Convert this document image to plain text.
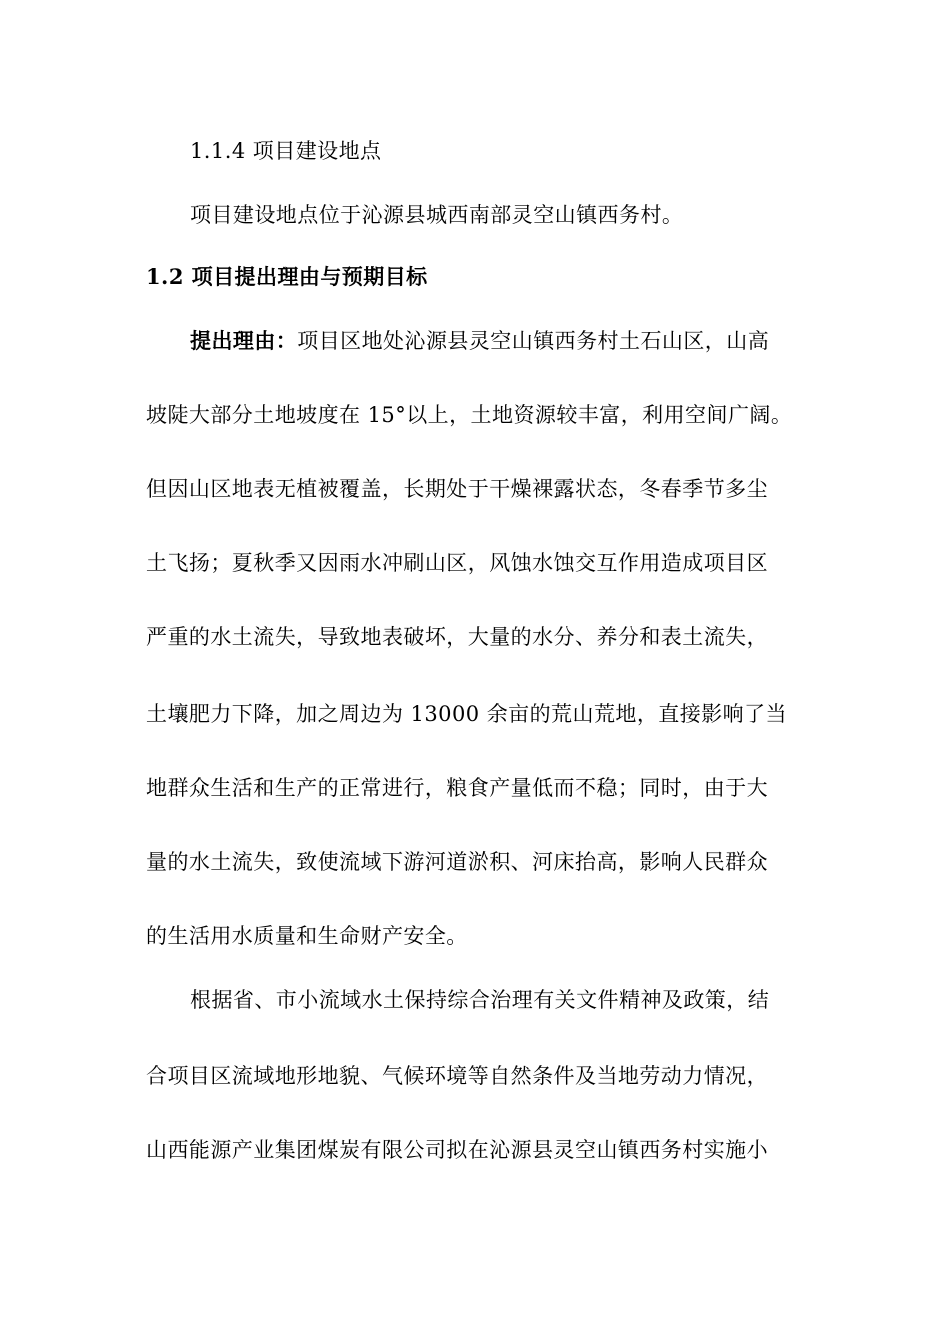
1.1.4 项目建设地点
项目建设地点位于沁源县城西南部灵空山镇西务村。
1.2 项目提出理由与预期目标
提出理由：项目区地处沁源县灵空山镇西务村土石山区，山高
坡陡大部分土地坡度在 15°以上，土地资源较丰富，利用空间广阔。
但因山区地表无植被覆盖，长期处于干燥裸露状态，冬春季节多尘
土飞扬；夏秋季又因雨水冲刷山区，风蚀水蚀交互作用造成项目区
严重的水土流失，导致地表破坏，大量的水分、养分和表土流失，
土壤肥力下降，加之周边为 13000 余亩的荒山荒地，直接影响了当
地群众生活和生产的正常进行，粮食产量低而不稳；同时，由于大
量的水土流失，致使流域下游河道淤积、河床抬高，影响人民群众
的生活用水质量和生命财产安全。
根据省、市小流域水土保持综合治理有关文件精神及政策，结
合项目区流域地形地貌、气候环境等自然条件及当地劳动力情况，
山西能源产业集团煤炭有限公司拟在沁源县灵空山镇西务村实施小
